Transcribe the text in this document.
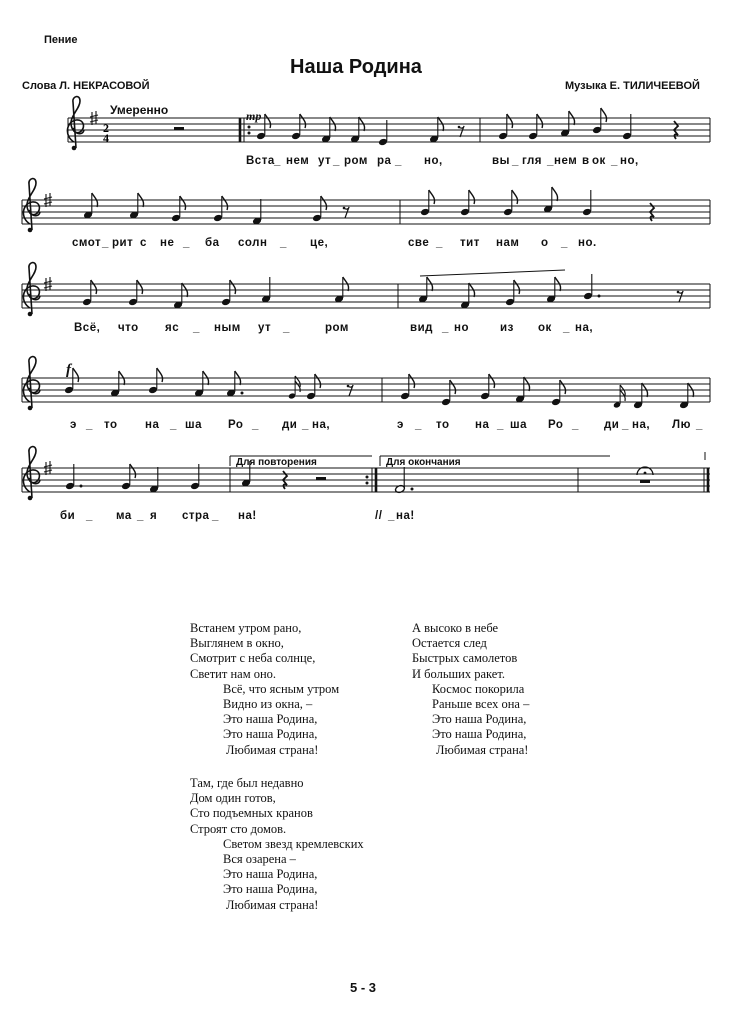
Пение
Наша Родина
Слова Л. НЕКРАСОВОЙ	Музыка Е. ТИЛИЧЕЕВОЙ
Умеренно
2
4
mp
f
Для повторения	Для окончания
Вста _ нем ут _ ром ра _ но,	вы _ гля _ нем в ок _ но,
смот _ рит с не _ ба солн _ це,	све _ тит нам о _ но.
Всё, что яс _ ным ут _	ром	вид _ но	из ок _ на,
э _ то на _ ша Ро _ ди _ на,	э _ то на _ ша Ро _ ди _ на, Лю _
би _ ма _ я стра _ на!	// _ на!
Встанем утром рано,
Выглянем в окно,
Смотрит с неба солнце,
Светит нам оно.
Всё, что ясным утром
Видно из окна, –
Это наша Родина,
Это наша Родина,
Любимая страна!
Там, где был недавно
Дом один готов,
Сто подъемных кранов
Строят сто домов.
Светом звезд кремлевских
Вся озарена –
Это наша Родина,
Это наша Родина,
Любимая страна!
А высоко в небе
Остается след
Быстрых самолетов
И больших ракет.
Космос покорила
Раньше всех она –
Это наша Родина,
Это наша Родина,
Любимая страна!
5 - 3
